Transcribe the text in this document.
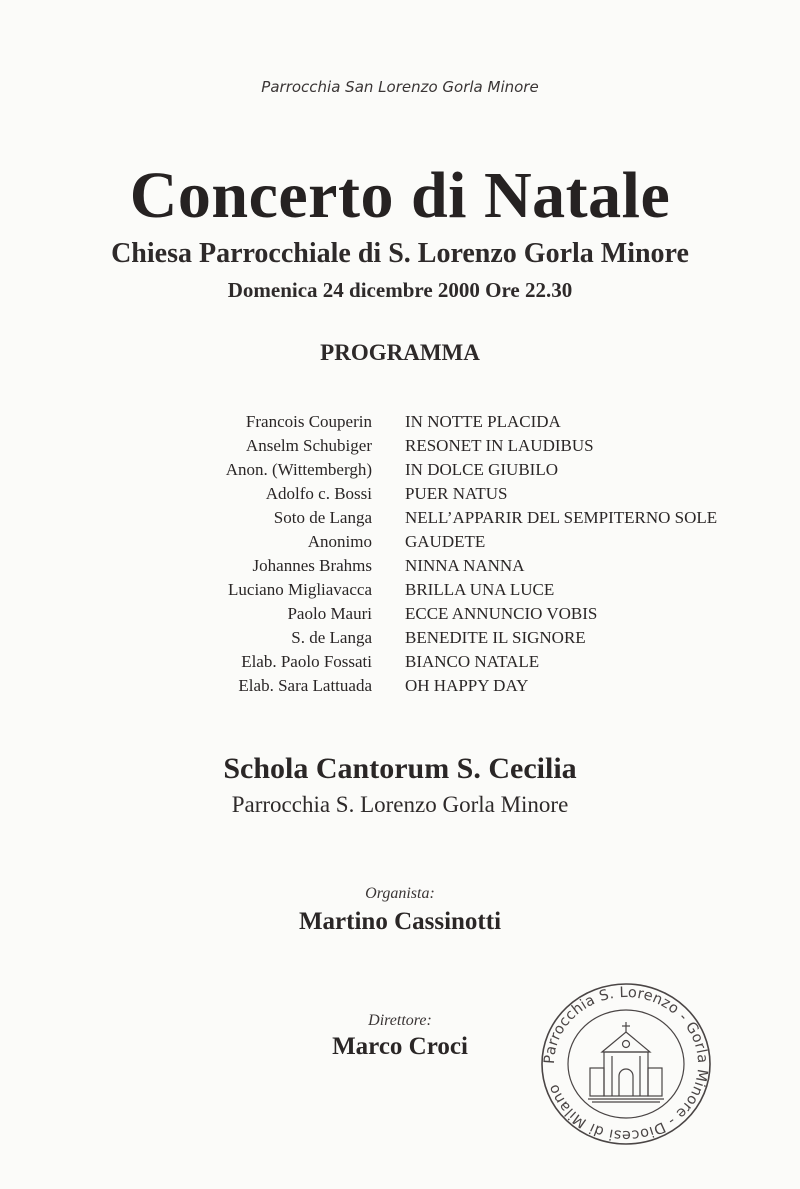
Parrocchia San Lorenzo Gorla Minore
Concerto di Natale
Chiesa Parrocchiale di S. Lorenzo Gorla Minore
Domenica 24 dicembre 2000 Ore 22.30
PROGRAMMA
Francois Couperin IN NOTTE PLACIDA
Anselm Schubiger RESONET IN LAUDIBUS
Anon. (Wittembergh) IN DOLCE GIUBILO
Adolfo c. Bossi PUER NATUS
Soto de Langa NELL’APPARIR DEL SEMPITERNO SOLE
Anonimo GAUDETE
Johannes Brahms NINNA NANNA
Luciano Migliavacca BRILLA UNA LUCE
Paolo Mauri ECCE ANNUNCIO VOBIS
S. de Langa BENEDITE IL SIGNORE
Elab. Paolo Fossati BIANCO NATALE
Elab. Sara Lattuada OH HAPPY DAY
Schola Cantorum S. Cecilia
Parrocchia S. Lorenzo Gorla Minore
Organista:
Martino Cassinotti
Direttore:
Marco Croci	Parrocchia S. Lorenzo - Gorla Minore - Diocesi di Milano
